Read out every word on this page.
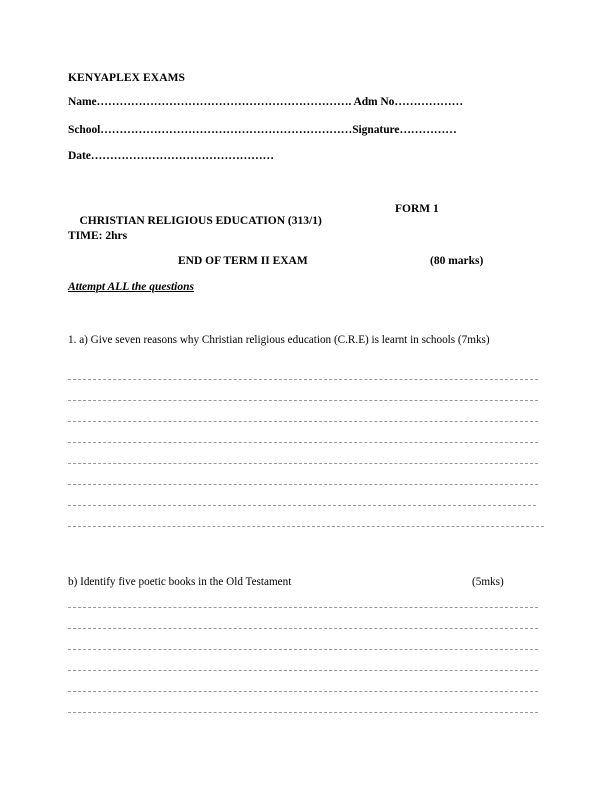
KENYAPLEX EXAMS
Name…………………………………………………………. Adm No………………
School…………………………………………………………Signature……………
Date…………………………………………

CHRISTIAN RELIGIOUS EDUCATION (313/1)

FORM 1

TIME: 2hrs
END OF TERM II EXAM	(80 marks)
Attempt ALL the questions
1. a) Give seven reasons why Christian religious education (C.R.E) is learnt in schools (7mks)
b) Identify five poetic books in the Old Testament	(5mks)
